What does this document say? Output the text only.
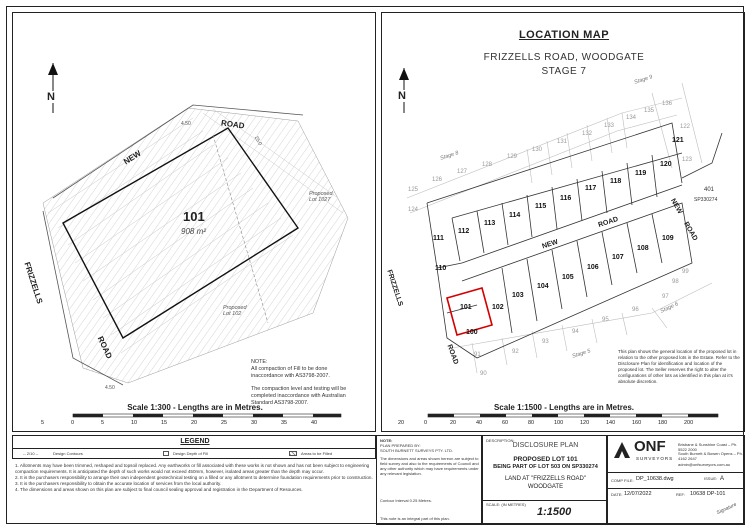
N
101
908 m²
NEW
ROAD
FRIZZELLS
ROAD
Proposed
Lot 1027
Proposed
Lot 102
4.50
25.0
4.50
NOTE:
All compaction of Fill to be done
inaccordance with AS3798-2007.
The compaction level and testing will be
completed inaccordance with Australian
Standard AS3798-2007.
Scale 1:300 - Lengths are in Metres.
5	0	5	10	15	20	25	30	35	40
LOCATION MAP
FRIZZELLS ROAD, WOODGATE
STAGE 7
N
Stage 8
Stage 9
Stage 6
Stage 5
NEW
ROAD
NEW
ROAD
FRIZZELLS
ROAD
401
SP330274
This plan shows the general location of the proposed lot in relation to the other proposed lots in the Estate. Refer to the Disclosure Plan for identification and location of the proposed lot. The Seller reserves the right to alter the configurations of other lots as identified in this plan at it's absolute discretion.
Scale 1:1500 - Lengths are in Metres.
20	0	20	40	60	80	100	120	140	160	180	200
111
112
113
114
115
116
117
118
119
120
121
110
101
100
102
103
104
105
106
107
108
109
125
126
127
128
129
130
131
132
133
134
135
136
122
123
124
90
91	92
93
94
95
96
97
98
99
LEGEND
-- 2/10 --	Design Contours	Design Depth of Fill	Areas to be Filled
1. Allotments may have been trimmed, reshaped and topsoil replaced. Any earthworks or fill associated with these works is not shown and has not been subject to engineering compaction requirements. It is anticipated the depth of such works would not exceed 450mm, however, isolated areas greater than the depth may occur.
2. It is the purchasers responsibility to arrange their own independent geotechnical testing on a filled or any allotment to determine foundation requirements prior to construction.
3. It is the purchasers responsibility to obtain the accurate location of services from the local authority.
4. The dimensions and areas shown on this plan are subject to final council sealing approval and registration in the Department of Resources.
NOTE:
PLAN PREPARED BY:
SOUTH BURNETT SURVEYS PTY. LTD.
The dimensions and areas shown hereon are subject to field survey and also to the requirements of Council and any other authority which may have requirements under any relevant legislation.
Contour Interval 0.25 Metres.
This note is an integral part of this plan.
DESCRIPTION:
DISCLOSURE PLAN
PROPOSED LOT 101
BEING PART OF LOT 503 ON SP330274
LAND AT "FRIZZELLS ROAD"
WOODGATE
SCALE: (IN METRES)
1:1500
ONF
SURVEYORS
Brisbane & Sunshine Coast – Ph. 5522 2000
South Burnett & Bowen Opens – Ph. 4162 2647
admin@onfsurveyors.com.au
COMP FILE: DP_10638.dwg	ISSUE: A
DATE: 12/07/2022	REF: 10638 DP-101
Signature
